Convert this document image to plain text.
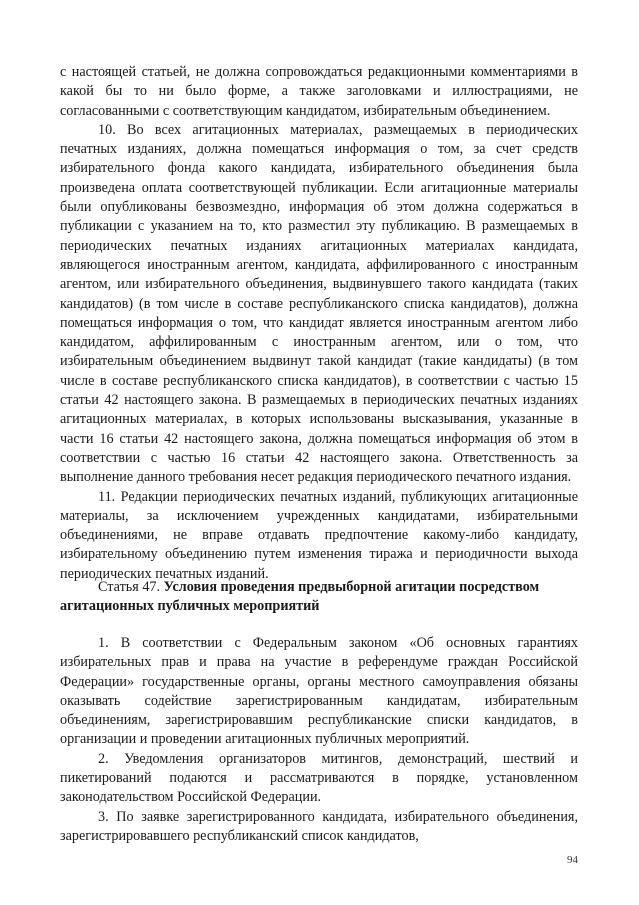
с настоящей статьей, не должна сопровождаться редакционными комментариями в какой бы то ни было форме, а также заголовками и иллюстрациями, не согласованными с соответствующим кандидатом, избирательным объединением.

10. Во всех агитационных материалах, размещаемых в периодических печатных изданиях, должна помещаться информация о том, за счет средств избирательного фонда какого кандидата, избирательного объединения была произведена оплата соответствующей публикации. Если агитационные материалы были опубликованы безвозмездно, информация об этом должна содержаться в публикации с указанием на то, кто разместил эту публикацию. В размещаемых в периодических печатных изданиях агитационных материалах кандидата, являющегося иностранным агентом, кандидата, аффилированного с иностранным агентом, или избирательного объединения, выдвинувшего такого кандидата (таких кандидатов) (в том числе в составе республиканского списка кандидатов), должна помещаться информация о том, что кандидат является иностранным агентом либо кандидатом, аффилированным с иностранным агентом, или о том, что избирательным объединением выдвинут такой кандидат (такие кандидаты) (в том числе в составе республиканского списка кандидатов), в соответствии с частью 15 статьи 42 настоящего закона. В размещаемых в периодических печатных изданиях агитационных материалах, в которых использованы высказывания, указанные в части 16 статьи 42 настоящего закона, должна помещаться информация об этом в соответствии с частью 16 статьи 42 настоящего закона. Ответственность за выполнение данного требования несет редакция периодического печатного издания.

11. Редакции периодических печатных изданий, публикующих агитационные материалы, за исключением учрежденных кандидатами, избирательными объединениями, не вправе отдавать предпочтение какому-либо кандидату, избирательному объединению путем изменения тиража и периодичности выхода периодических печатных изданий.

Статья 47. Условия проведения предвыборной агитации посредством агитационных публичных мероприятий

1. В соответствии с Федеральным законом «Об основных гарантиях избирательных прав и права на участие в референдуме граждан Российской Федерации» государственные органы, органы местного самоуправления обязаны оказывать содействие зарегистрированным кандидатам, избирательным объединениям, зарегистрировавшим республиканские списки кандидатов, в организации и проведении агитационных публичных мероприятий.

2. Уведомления организаторов митингов, демонстраций, шествий и пикетирований подаются и рассматриваются в порядке, установленном законодательством Российской Федерации.

3. По заявке зарегистрированного кандидата, избирательного объединения, зарегистрировавшего республиканский список кандидатов,

94
